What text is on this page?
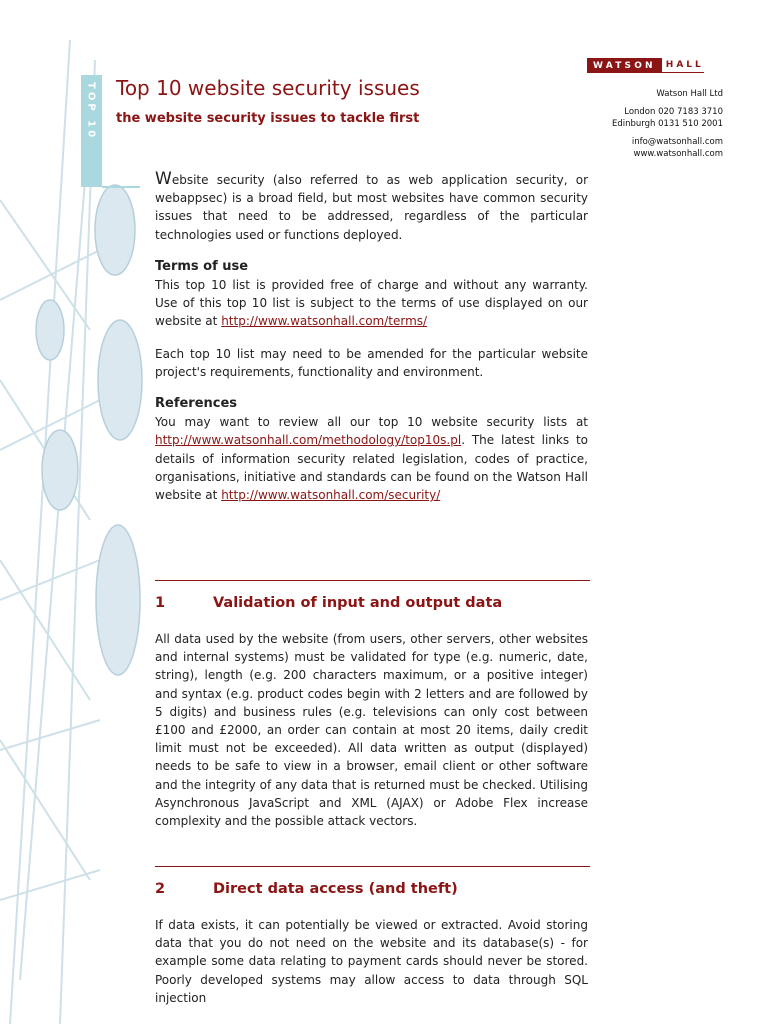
TOP 10 Top 10 website security issues
the website security issues to tackle first
WATSON	HALL
Watson Hall Ltd
London 020 7183 3710
Edinburgh 0131 510 2001
info@watsonhall.com
www.watsonhall.com

Website security (also referred to as web application security, or webappsec) is a broad field, but most websites have common security issues that need to be addressed, regardless of the particular technologies used or functions deployed.

Terms of use

This top 10 list is provided free of charge and without any warranty. Use of this top 10 list is subject to the terms of use displayed on our website at http://www.watsonhall.com/terms/

Each top 10 list may need to be amended for the particular website project's requirements, functionality and environment.

References

You may want to review all our top 10 website security lists at http://www.watsonhall.com/methodology/top10s.pl. The latest links to details of information security related legislation, codes of practice, organisations, initiative and standards can be found on the Watson Hall website at http://www.watsonhall.com/security/

1	Validation of input and output data

All data used by the website (from users, other servers, other websites and internal systems) must be validated for type (e.g. numeric, date, string), length (e.g. 200 characters maximum, or a positive integer) and syntax (e.g. product codes begin with 2 letters and are followed by 5 digits) and business rules (e.g. televisions can only cost between £100 and £2000, an order can contain at most 20 items, daily credit limit must not be exceeded). All data written as output (displayed) needs to be safe to view in a browser, email client or other software and the integrity of any data that is returned must be checked. Utilising Asynchronous JavaScript and XML (AJAX) or Adobe Flex increase complexity and the possible attack vectors.

2	Direct data access (and theft)

If data exists, it can potentially be viewed or extracted. Avoid storing data that you do not need on the website and its database(s) - for example some data relating to payment cards should never be stored. Poorly developed systems may allow access to data through SQL injection
